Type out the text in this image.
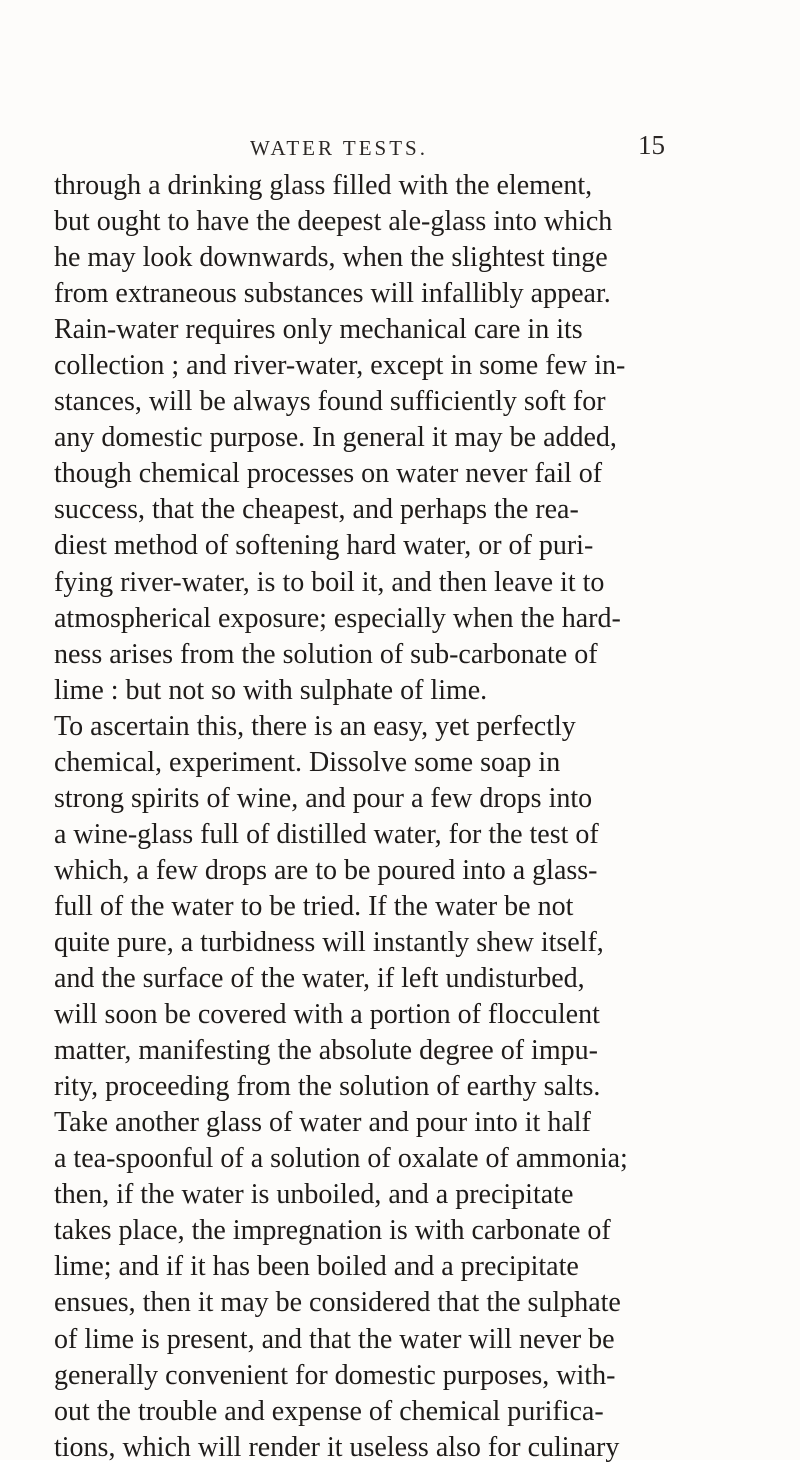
WATER TESTS.	15
through a drinking glass filled with the element,
but ought to have the deepest ale-glass into which
he may look downwards, when the slightest tinge
from extraneous substances will infallibly appear.
Rain-water requires only mechanical care in its
collection ; and river-water, except in some few in-
stances, will be always found sufficiently soft for
any domestic purpose. In general it may be added,
though chemical processes on water never fail of
success, that the cheapest, and perhaps the rea-
diest method of softening hard water, or of puri-
fying river-water, is to boil it, and then leave it to
atmospherical exposure; especially when the hard-
ness arises from the solution of sub-carbonate of
lime : but not so with sulphate of lime.
To ascertain this, there is an easy, yet perfectly
chemical, experiment. Dissolve some soap in
strong spirits of wine, and pour a few drops into
a wine-glass full of distilled water, for the test of
which, a few drops are to be poured into a glass-
full of the water to be tried. If the water be not
quite pure, a turbidness will instantly shew itself,
and the surface of the water, if left undisturbed,
will soon be covered with a portion of flocculent
matter, manifesting the absolute degree of impu-
rity, proceeding from the solution of earthy salts.
Take another glass of water and pour into it half
a tea-spoonful of a solution of oxalate of ammonia;
then, if the water is unboiled, and a precipitate
takes place, the impregnation is with carbonate of
lime; and if it has been boiled and a precipitate
ensues, then it may be considered that the sulphate
of lime is present, and that the water will never be
generally convenient for domestic purposes, with-
out the trouble and expense of chemical purifica-
tions, which will render it useless also for culinary
